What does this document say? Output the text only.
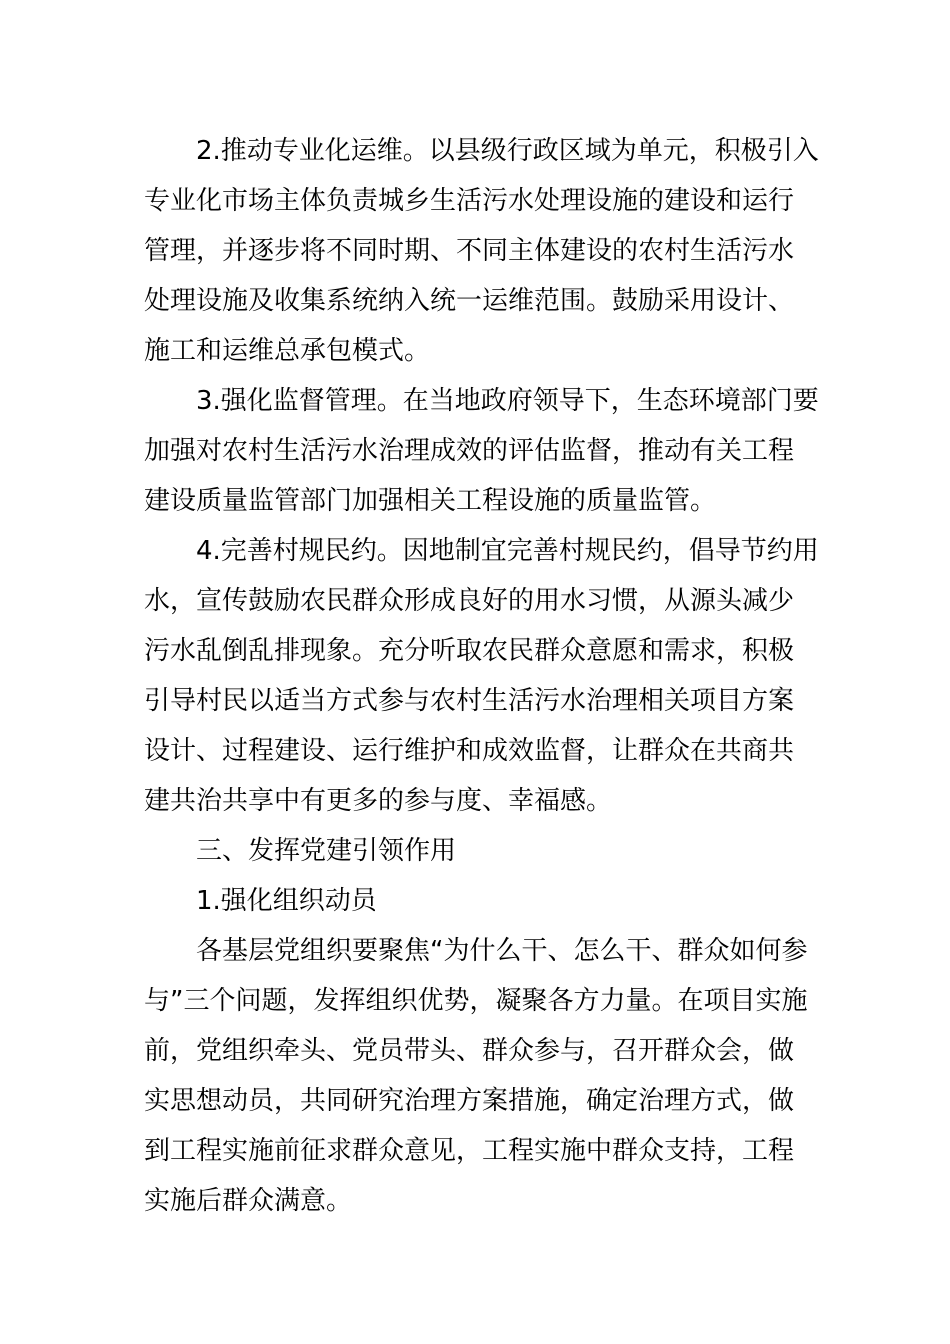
2.推动专业化运维。以县级行政区域为单元，积极引入
专业化市场主体负责城乡生活污水处理设施的建设和运行
管理，并逐步将不同时期、不同主体建设的农村生活污水
处理设施及收集系统纳入统一运维范围。鼓励采用设计、
施工和运维总承包模式。
3.强化监督管理。在当地政府领导下，生态环境部门要
加强对农村生活污水治理成效的评估监督，推动有关工程
建设质量监管部门加强相关工程设施的质量监管。
4.完善村规民约。因地制宜完善村规民约，倡导节约用
水，宣传鼓励农民群众形成良好的用水习惯，从源头减少
污水乱倒乱排现象。充分听取农民群众意愿和需求，积极
引导村民以适当方式参与农村生活污水治理相关项目方案
设计、过程建设、运行维护和成效监督，让群众在共商共
建共治共享中有更多的参与度、幸福感。
三、发挥党建引领作用
1.强化组织动员
各基层党组织要聚焦“为什么干、怎么干、群众如何参
与”三个问题，发挥组织优势，凝聚各方力量。在项目实施
前，党组织牵头、党员带头、群众参与，召开群众会，做
实思想动员，共同研究治理方案措施，确定治理方式，做
到工程实施前征求群众意见，工程实施中群众支持，工程
实施后群众满意。
